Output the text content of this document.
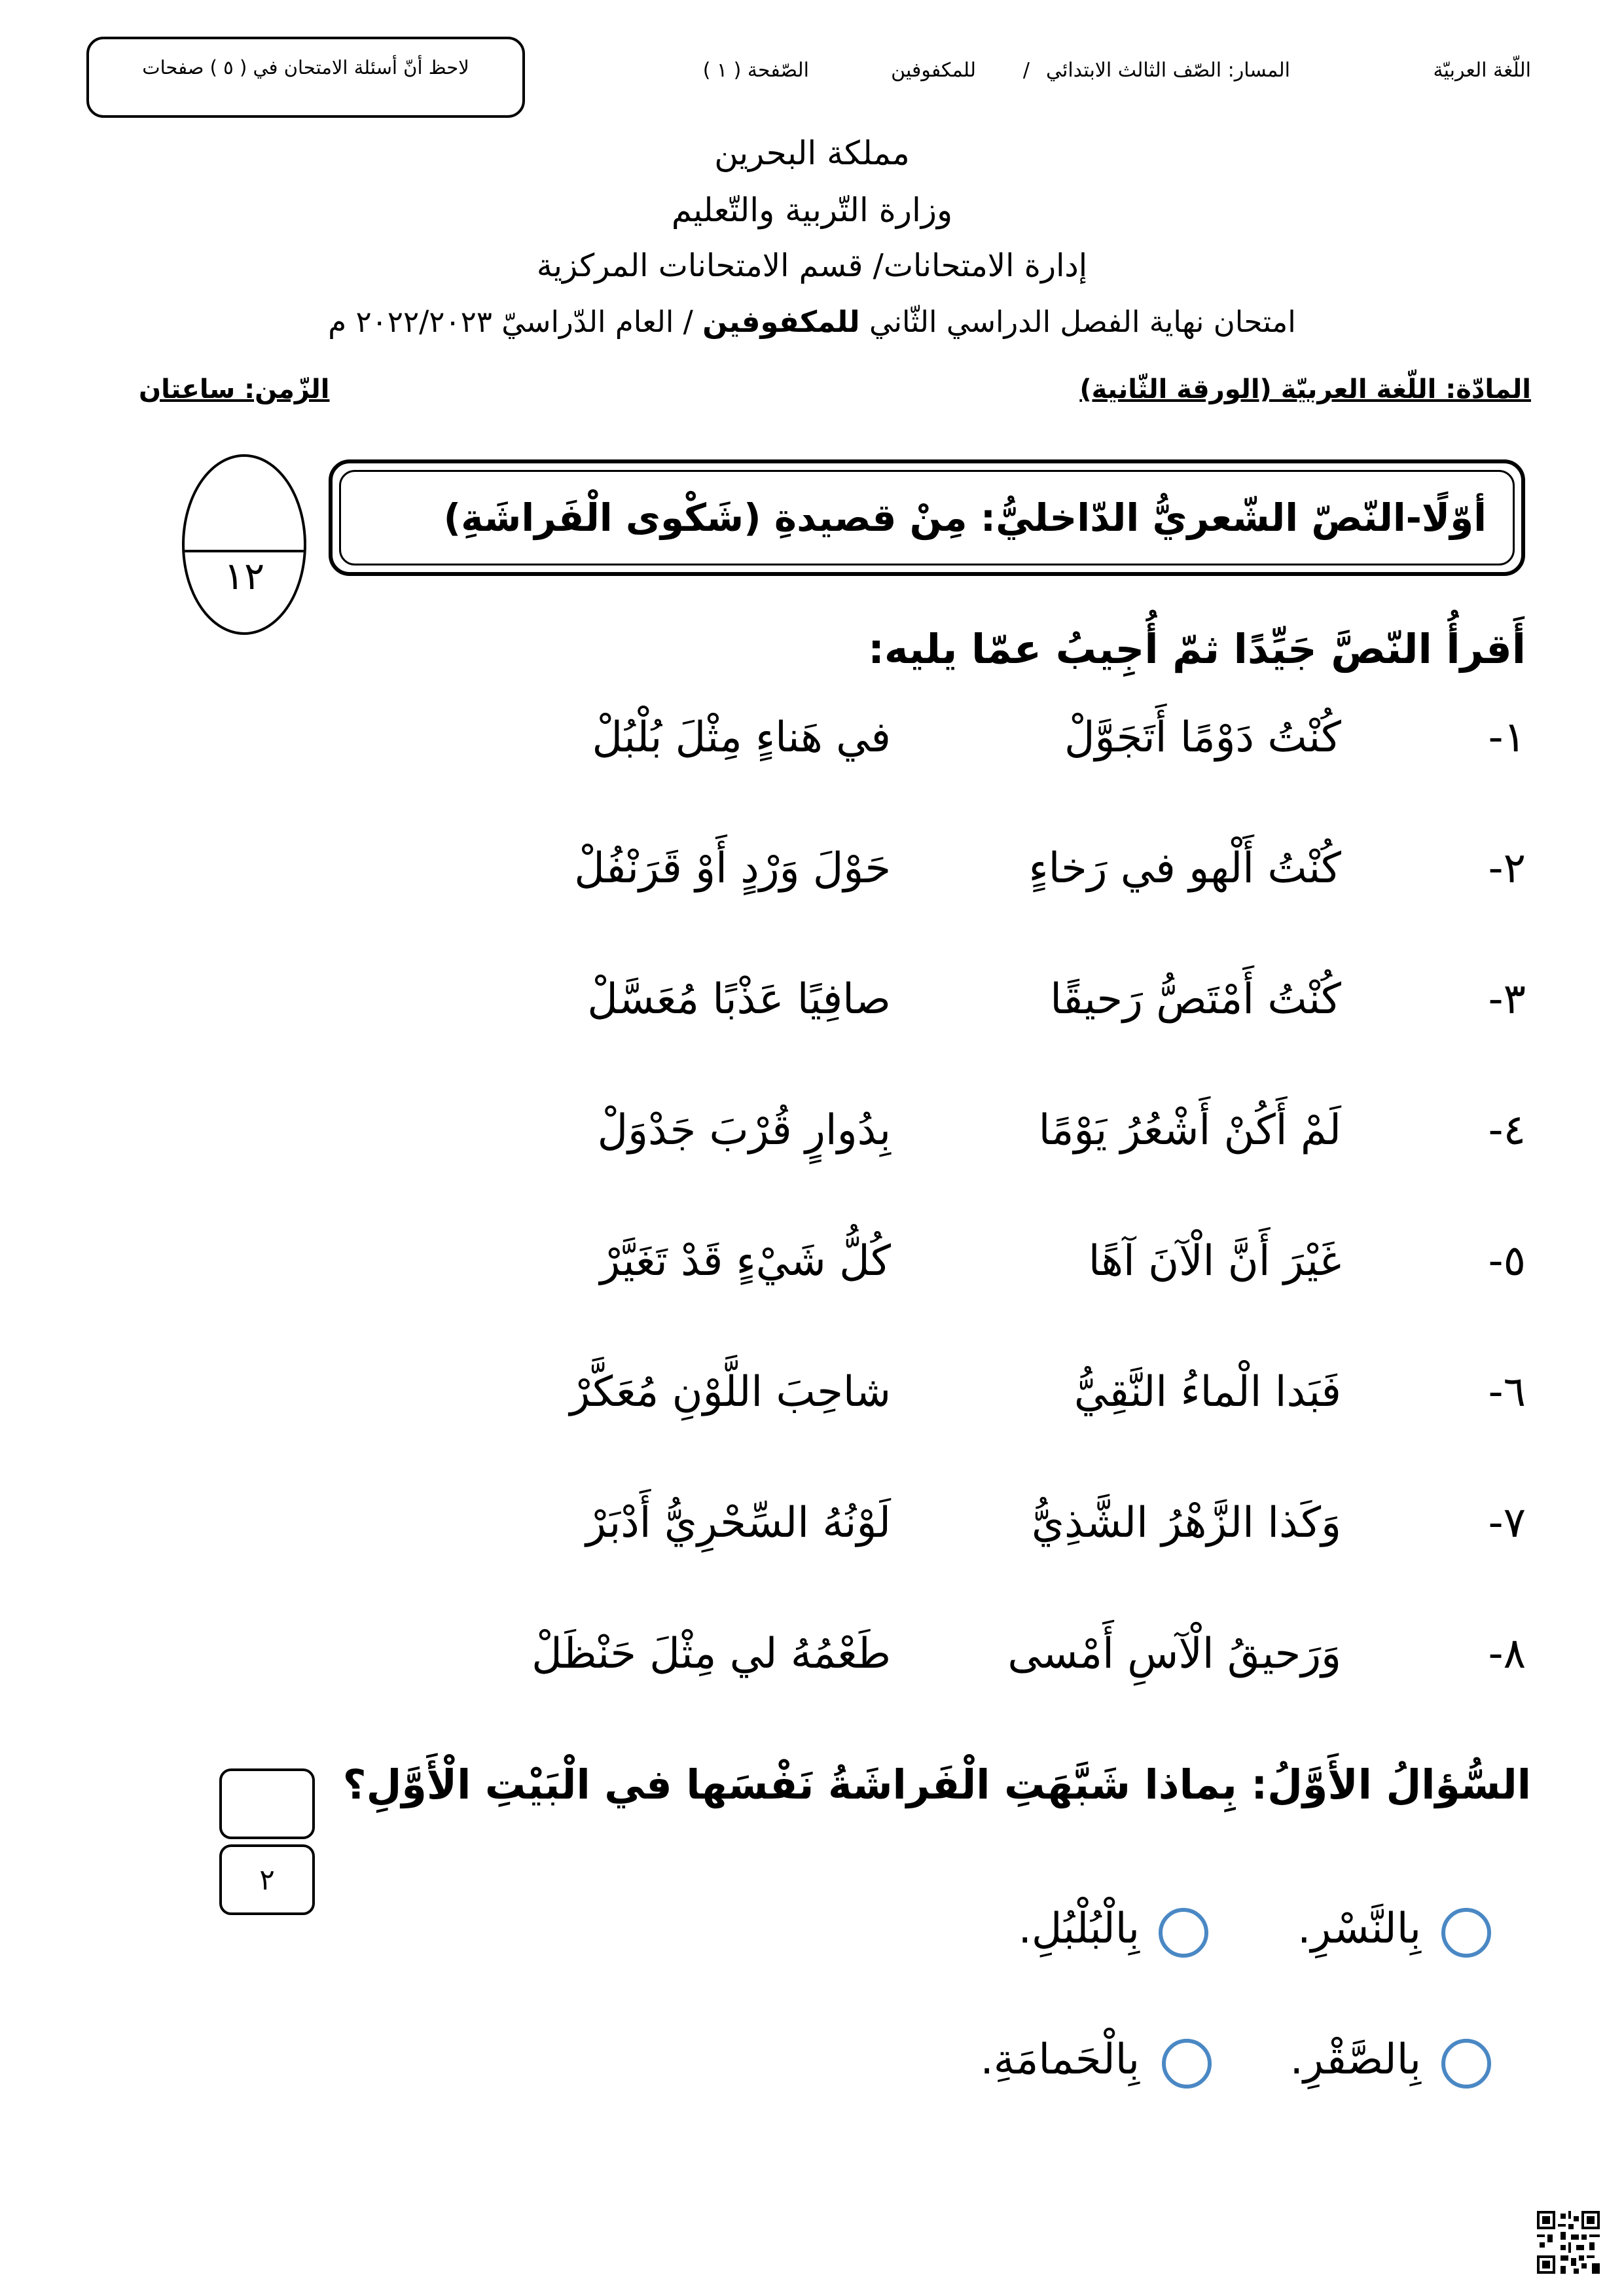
اللّغة العربيّة
المسار: الصّف الثالث الابتدائي
/
للمكفوفين
الصّفحة ( ١ )
لاحظ أنّ أسئلة الامتحان في ( ٥ ) صفحات
مملكة البحرين
وزارة التّربية والتّعليم
إدارة الامتحانات/ قسم الامتحانات المركزية
امتحان نهاية الفصل الدراسي الثّاني للمكفوفين / العام الدّراسيّ ٢٠٢٢/٢٠٢٣ م
المادّة: اللّغة العربيّة (الورقة الثّانية)
الزّمن: ساعتان
أوّلًا-النّصّ الشّعريُّ الدّاخليُّ: مِنْ قصيدةِ (شَكْوى الْفَراشَةِ)
١٢
أَقرأُ النّصَّ جَيِّدًا ثمّ أُجِيبُ عمّا يليه:
١-
كُنْتُ دَوْمًا أَتَجَوَّلْ
في هَناءٍ مِثْلَ بُلْبُلْ
٢-
كُنْتُ أَلْهو في رَخاءٍ
حَوْلَ وَرْدٍ أَوْ قَرَنْفُلْ
٣-
كُنْتُ أَمْتَصُّ رَحيقًا
صافِيًا عَذْبًا مُعَسَّلْ
٤-
لَمْ أَكُنْ أَشْعُرُ يَوْمًا
بِدُوارٍ قُرْبَ جَدْوَلْ
٥-
غَيْرَ أَنَّ الْآنَ آهًا
كُلُّ شَيْءٍ قَدْ تَغَيَّرْ
٦-
فَبَدا الْماءُ النَّقِيُّ
شاحِبَ اللَّوْنِ مُعَكَّرْ
٧-
وَكَذا الزَّهْرُ الشَّذِيُّ
لَوْنُهُ السِّحْرِيُّ أَدْبَرْ
٨-
وَرَحيقُ الْآسِ أَمْسى
طَعْمُهُ لي مِثْلَ حَنْظَلْ
السُّؤالُ الأَوَّلُ: بِماذا شَبَّهَتِ الْفَراشَةُ نَفْسَها في الْبَيْتِ الْأَوَّلِ؟
٢
بِالنَّسْرِ.
بِالْبُلْبُلِ.
بِالصَّقْرِ.
بِالْحَمامَةِ.
